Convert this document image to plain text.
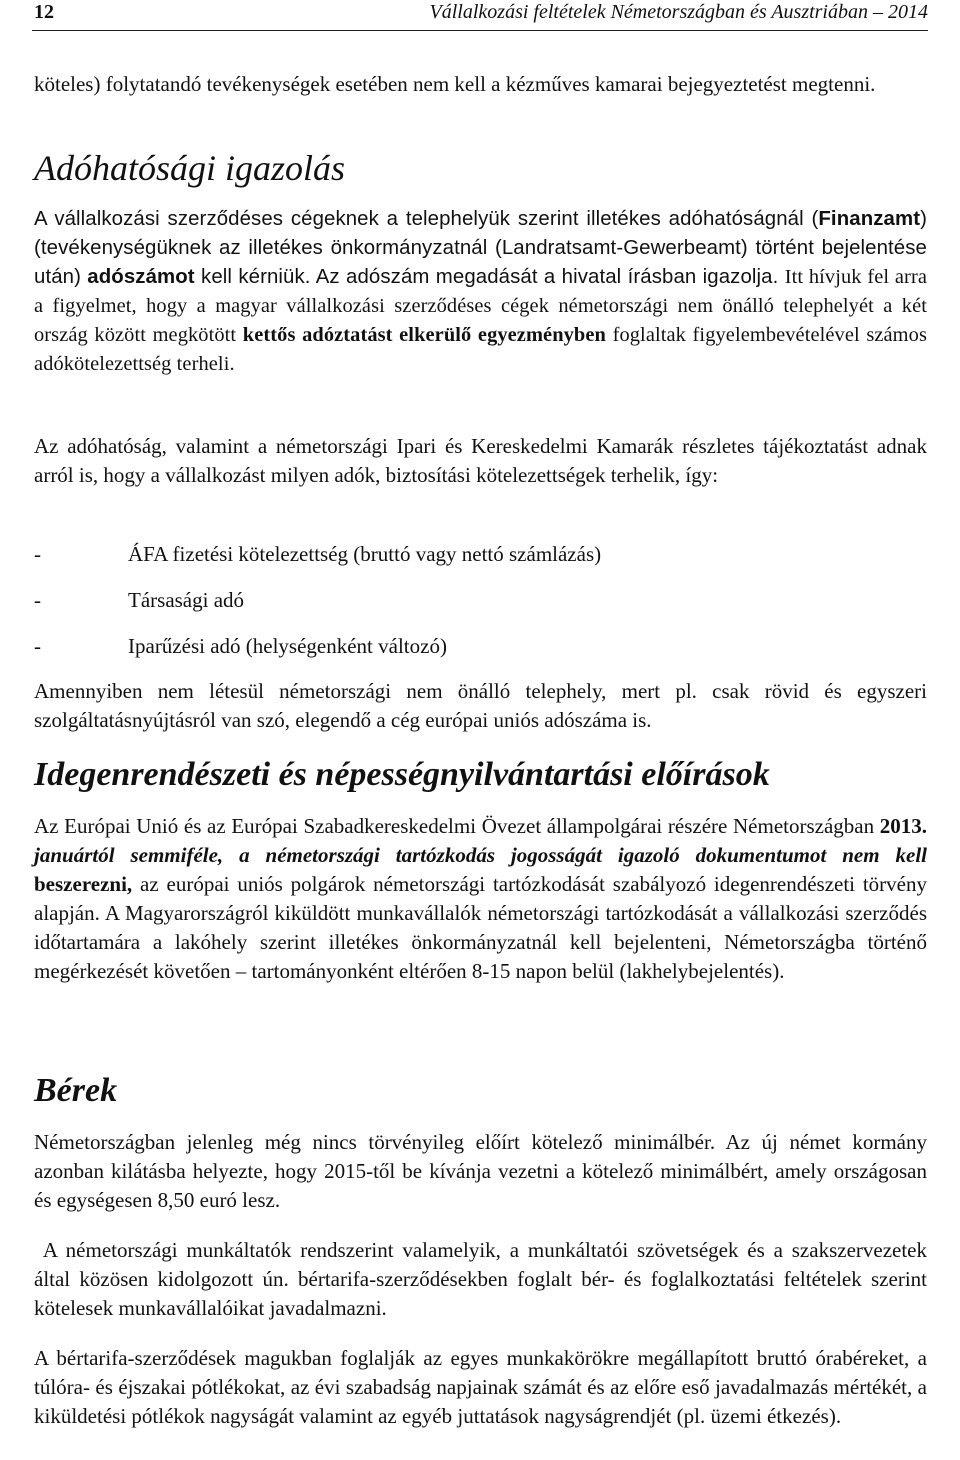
12	Vállalkozási feltételek Németországban és Ausztriában – 2014

köteles) folytatandó tevékenységek esetében nem kell a kézműves kamarai bejegyeztetést megtenni.

Adóhatósági igazolás

A vállalkozási szerződéses cégeknek a telephelyük szerint illetékes adóhatóságnál (Finanzamt) (tevékenységüknek az illetékes önkormányzatnál (Landratsamt-Gewerbeamt) történt bejelentése után) adószámot kell kérniük. Az adószám megadását a hivatal írásban igazolja. Itt hívjuk fel arra a figyelmet, hogy a magyar vállalkozási szerződéses cégek németországi nem önálló telephelyét a két ország között megkötött kettős adóztatást elkerülő egyezményben foglaltak figyelembevételével számos adókötelezettség terheli.

Az adóhatóság, valamint a németországi Ipari és Kereskedelmi Kamarák részletes tájékoztatást adnak arról is, hogy a vállalkozást milyen adók, biztosítási kötelezettségek terhelik, így:

-	ÁFA fizetési kötelezettség (bruttó vagy nettó számlázás)
-	Társasági adó
-	Iparűzési adó (helységenként változó)

Amennyiben nem létesül németországi nem önálló telephely, mert pl. csak rövid és egyszeri szolgáltatásnyújtásról van szó, elegendő a cég európai uniós adószáma is.

Idegenrendészeti és népességnyilvántartási előírások

Az Európai Unió és az Európai Szabadkereskedelmi Övezet állampolgárai részére Németországban 2013. januártól semmiféle, a németországi tartózkodás jogosságát igazoló dokumentumot nem kell beszerezni, az európai uniós polgárok németországi tartózkodását szabályozó idegenrendészeti törvény alapján. A Magyarországról kiküldött munkavállalók németországi tartózkodását a vállalkozási szerződés időtartamára a lakóhely szerint illetékes önkormányzatnál kell bejelenteni, Németországba történő megérkezését követően – tartományonként eltérően 8-15 napon belül (lakhelybejelentés).

Bérek

Németországban jelenleg még nincs törvényileg előírt kötelező minimálbér. Az új német kormány azonban kilátásba helyezte, hogy 2015-től be kívánja vezetni a kötelező minimálbért, amely országosan és egységesen 8,50 euró lesz.

A németországi munkáltatók rendszerint valamelyik, a munkáltatói szövetségek és a szakszervezetek által közösen kidolgozott ún. bértarifa-szerződésekben foglalt bér- és foglalkoztatási feltételek szerint kötelesek munkavállalóikat javadalmazni.

A bértarifa-szerződések magukban foglalják az egyes munkakörökre megállapított bruttó órabéreket, a túlóra- és éjszakai pótlékokat, az évi szabadság napjainak számát és az előre eső javadalmazás mértékét, a kiküldetési pótlékok nagyságát valamint az egyéb juttatások nagyságrendjét (pl. üzemi étkezés).
